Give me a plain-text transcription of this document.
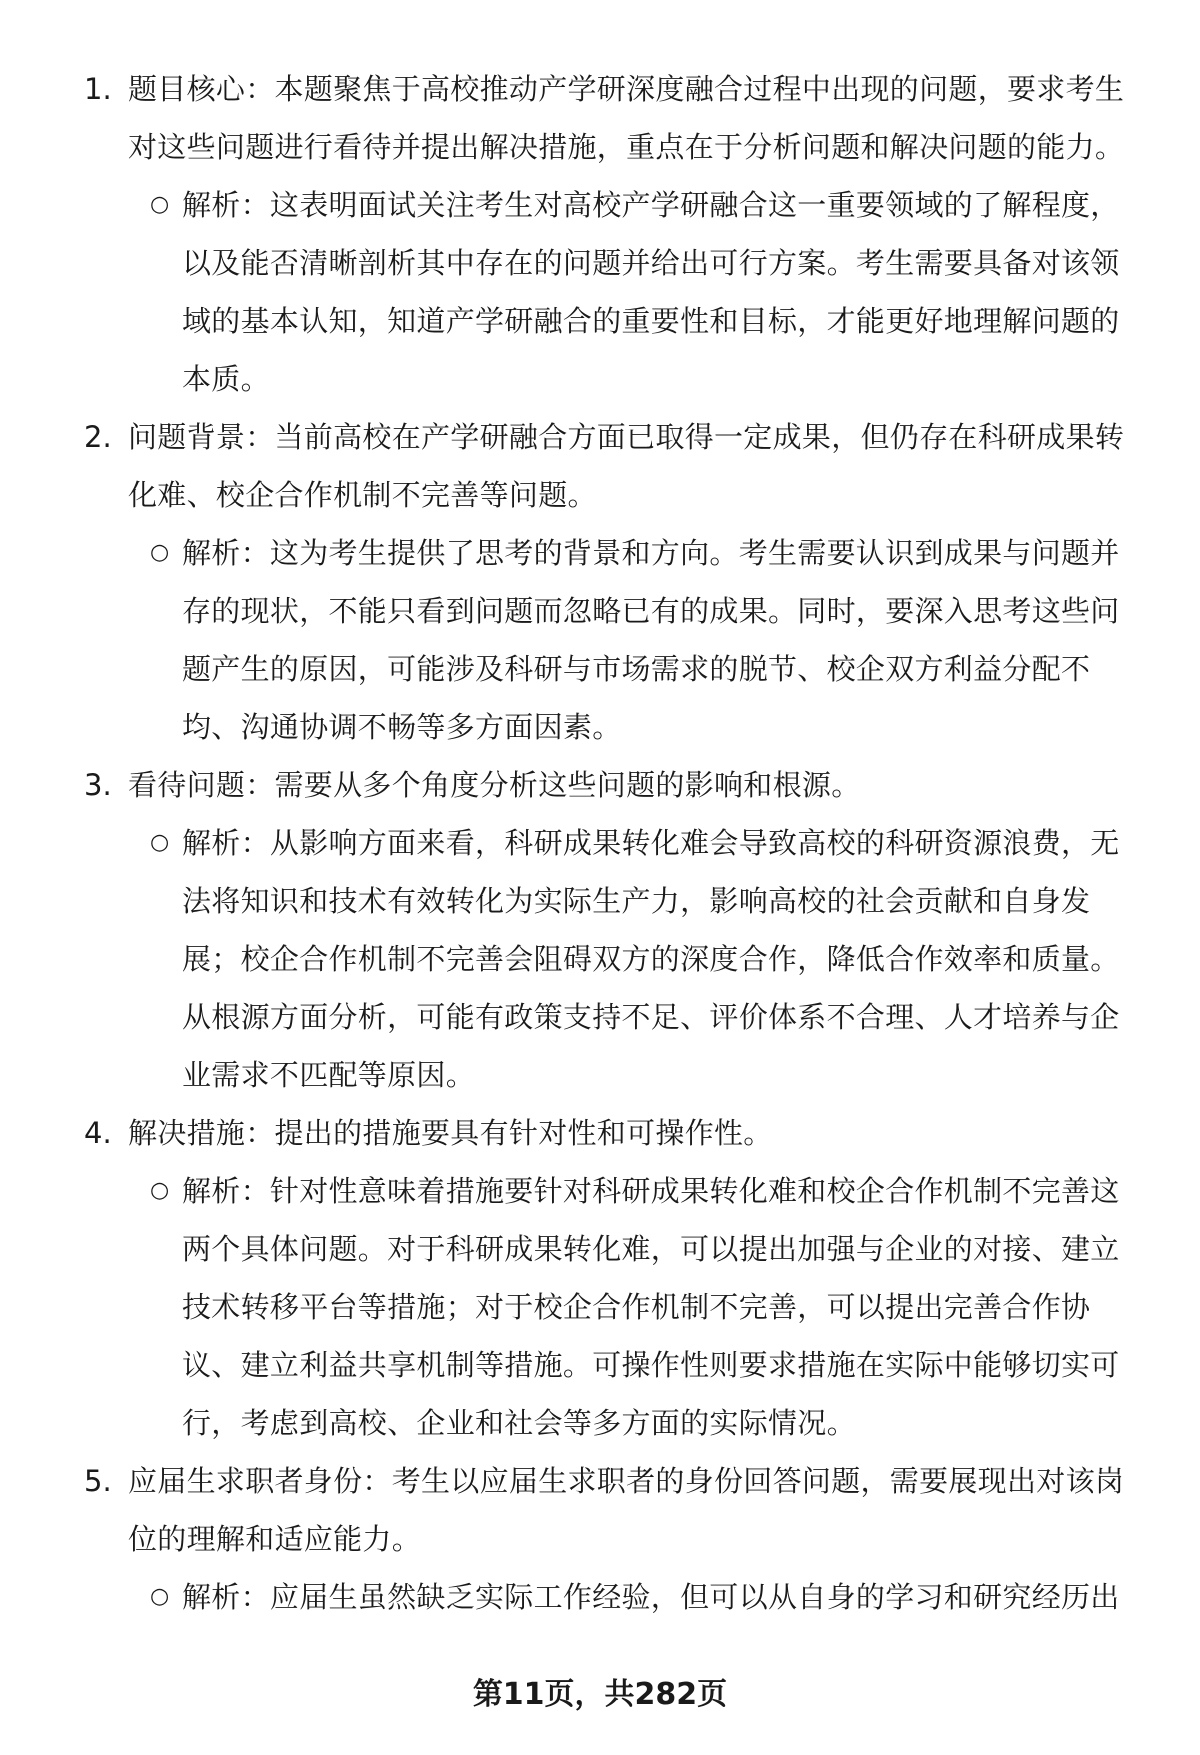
1. 题目核心：本题聚焦于高校推动产学研深度融合过程中出现的问题，要求考生对这些问题进行看待并提出解决措施，重点在于分析问题和解决问题的能力。
○ 解析：这表明面试关注考生对高校产学研融合这一重要领域的了解程度，以及能否清晰剖析其中存在的问题并给出可行方案。考生需要具备对该领域的基本认知，知道产学研融合的重要性和目标，才能更好地理解问题的本质。
2. 问题背景：当前高校在产学研融合方面已取得一定成果，但仍存在科研成果转化难、校企合作机制不完善等问题。
○ 解析：这为考生提供了思考的背景和方向。考生需要认识到成果与问题并存的现状，不能只看到问题而忽略已有的成果。同时，要深入思考这些问题产生的原因，可能涉及科研与市场需求的脱节、校企双方利益分配不均、沟通协调不畅等多方面因素。
3. 看待问题：需要从多个角度分析这些问题的影响和根源。
○ 解析：从影响方面来看，科研成果转化难会导致高校的科研资源浪费，无法将知识和技术有效转化为实际生产力，影响高校的社会贡献和自身发展；校企合作机制不完善会阻碍双方的深度合作，降低合作效率和质量。从根源方面分析，可能有政策支持不足、评价体系不合理、人才培养与企业需求不匹配等原因。
4. 解决措施：提出的措施要具有针对性和可操作性。
○ 解析：针对性意味着措施要针对科研成果转化难和校企合作机制不完善这两个具体问题。对于科研成果转化难，可以提出加强与企业的对接、建立技术转移平台等措施；对于校企合作机制不完善，可以提出完善合作协议、建立利益共享机制等措施。可操作性则要求措施在实际中能够切实可行，考虑到高校、企业和社会等多方面的实际情况。
5. 应届生求职者身份：考生以应届生求职者的身份回答问题，需要展现出对该岗位的理解和适应能力。
○ 解析：应届生虽然缺乏实际工作经验，但可以从自身的学习和研究经历出
第11页，共282页
